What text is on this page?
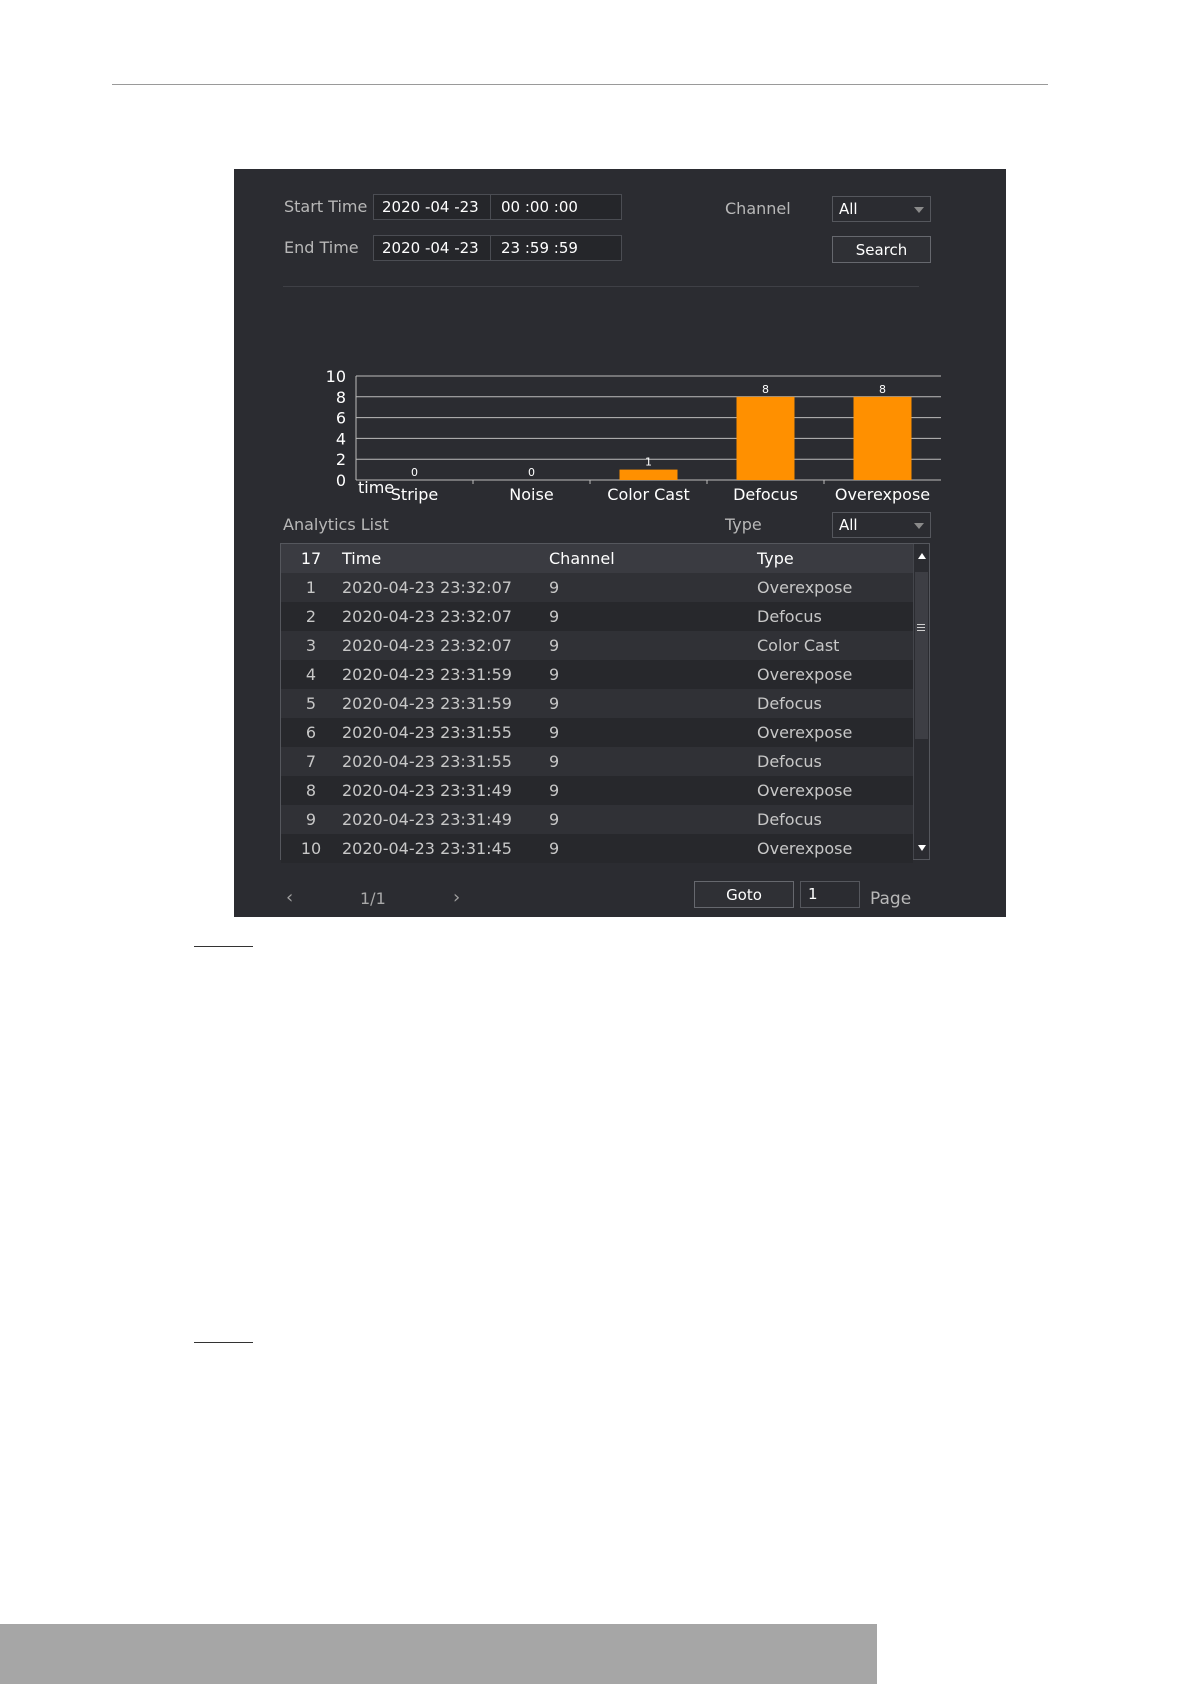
Start Time 2020 -04 -23	00 :00 :00
End Time	2020 -04 -23	23 :59 :59
Channel	All
Search
time
0
2
4
6
8
10
0
Stripe
0
Noise
1
Color Cast
8
Defocus
8
Overexpose
Analytics List	Type	All
17	Time	Channel	Type
1	2020-04-23 23:32:07 9	Overexpose
2	2020-04-23 23:32:07 9	Defocus
3	2020-04-23 23:32:07 9	Color Cast
4	2020-04-23 23:31:59 9	Overexpose
5	2020-04-23 23:31:59 9	Defocus
6	2020-04-23 23:31:55 9	Overexpose
7	2020-04-23 23:31:55 9	Defocus
8	2020-04-23 23:31:49 9	Overexpose
9	2020-04-23 23:31:49 9	Defocus
10	2020-04-23 23:31:45 9	Overexpose
‹	1/1	›	Goto	1	Page
